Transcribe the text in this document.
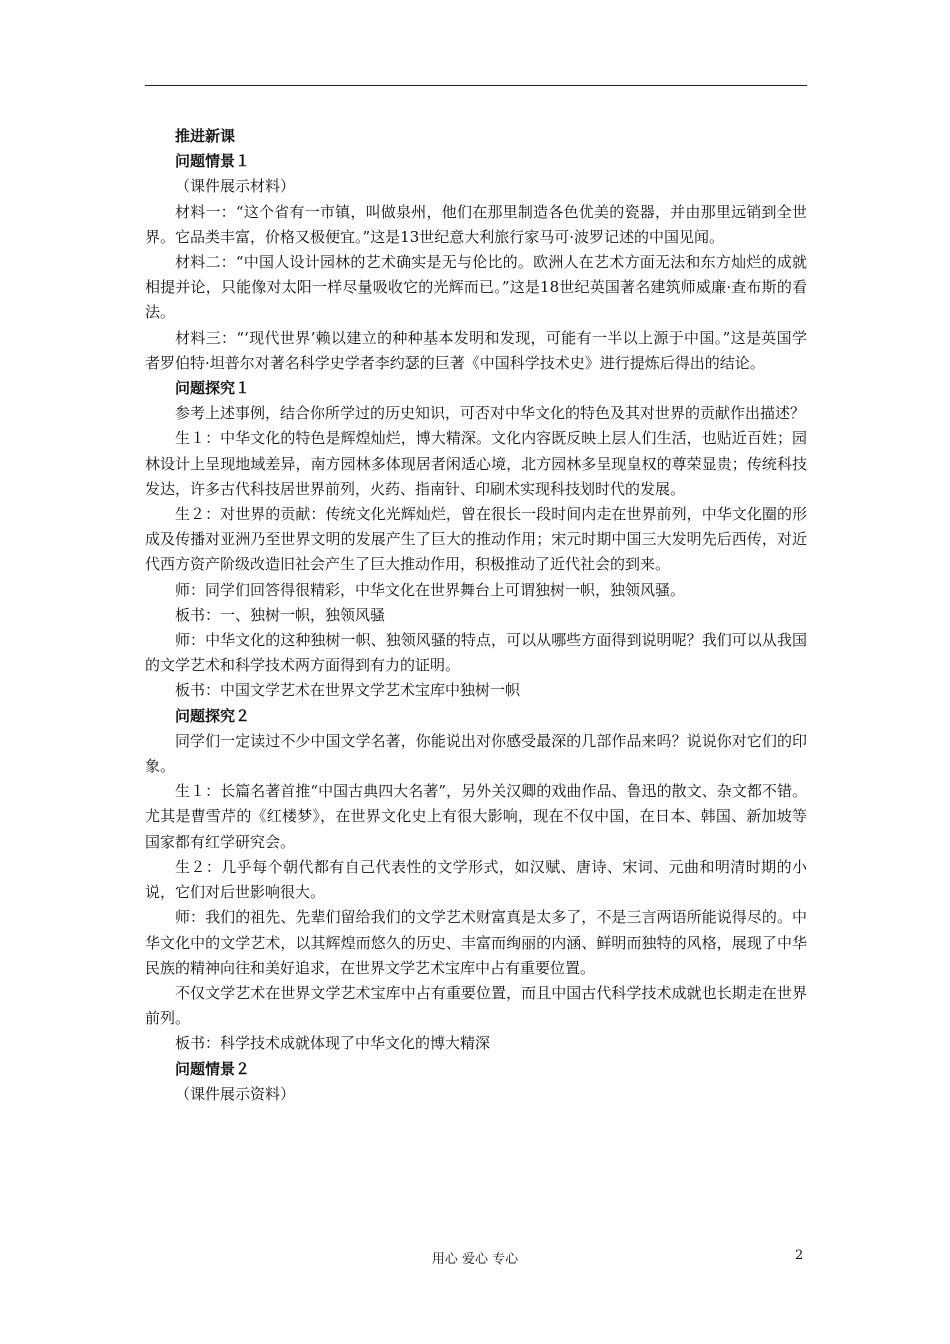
推进新课

问题情景１

（课件展示材料）

材料一：“这个省有一市镇，叫做泉州，他们在那里制造各色优美的瓷器，并由那里远销到全世界。它品类丰富，价格又极便宜。”这是13世纪意大利旅行家马可·波罗记述的中国见闻。

材料二：“中国人设计园林的艺术确实是无与伦比的。欧洲人在艺术方面无法和东方灿烂的成就相提并论，只能像对太阳一样尽量吸收它的光辉而已。”这是18世纪英国著名建筑师威廉·查布斯的看法。

材料三：“‘现代世界’赖以建立的种种基本发明和发现，可能有一半以上源于中国。”这是英国学者罗伯特·坦普尔对著名科学史学者李约瑟的巨著《中国科学技术史》进行提炼后得出的结论。

问题探究１

参考上述事例，结合你所学过的历史知识，可否对中华文化的特色及其对世界的贡献作出描述？

生１：中华文化的特色是辉煌灿烂，博大精深。文化内容既反映上层人们生活，也贴近百姓；园林设计上呈现地域差异，南方园林多体现居者闲适心境，北方园林多呈现皇权的尊荣显贵；传统科技发达，许多古代科技居世界前列，火药、指南针、印刷术实现科技划时代的发展。

生２：对世界的贡献：传统文化光辉灿烂，曾在很长一段时间内走在世界前列，中华文化圈的形成及传播对亚洲乃至世界文明的发展产生了巨大的推动作用；宋元时期中国三大发明先后西传，对近代西方资产阶级改造旧社会产生了巨大推动作用，积极推动了近代社会的到来。

师：同学们回答得很精彩，中华文化在世界舞台上可谓独树一帜，独领风骚。

板书：一、独树一帜，独领风骚

师：中华文化的这种独树一帜、独领风骚的特点，可以从哪些方面得到说明呢？我们可以从我国的文学艺术和科学技术两方面得到有力的证明。

板书：中国文学艺术在世界文学艺术宝库中独树一帜

问题探究２

同学们一定读过不少中国文学名著，你能说出对你感受最深的几部作品来吗？说说你对它们的印象。

生１：长篇名著首推“中国古典四大名著”，另外关汉卿的戏曲作品、鲁迅的散文、杂文都不错。尤其是曹雪芹的《红楼梦》，在世界文化史上有很大影响，现在不仅中国，在日本、韩国、新加坡等国家都有红学研究会。

生２：几乎每个朝代都有自己代表性的文学形式，如汉赋、唐诗、宋词、元曲和明清时期的小说，它们对后世影响很大。

师：我们的祖先、先辈们留给我们的文学艺术财富真是太多了，不是三言两语所能说得尽的。中华文化中的文学艺术，以其辉煌而悠久的历史、丰富而绚丽的内涵、鲜明而独特的风格，展现了中华民族的精神向往和美好追求，在世界文学艺术宝库中占有重要位置。

不仅文学艺术在世界文学艺术宝库中占有重要位置，而且中国古代科学技术成就也长期走在世界前列。

板书：科学技术成就体现了中华文化的博大精深

问题情景２

（课件展示资料）

用心 爱心 专心	2
